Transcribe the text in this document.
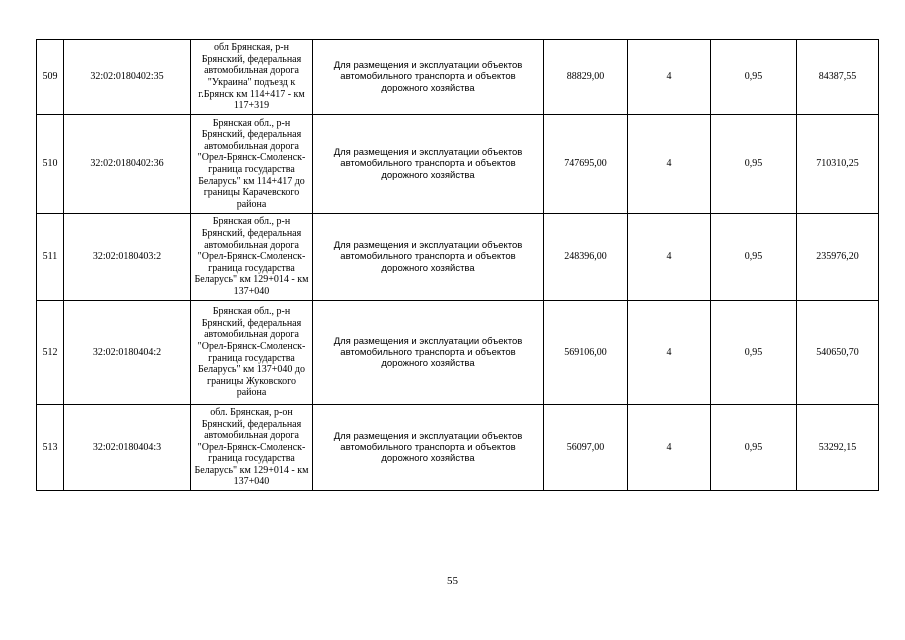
509	32:02:0180402:35	обл Брянская, р-н Брянский, федеральная автомобильная дорога "Украина" подъезд к г.Брянск км 114+417 - км 117+319	Для размещения и эксплуатации объектов автомобильного транспорта и объектов дорожного хозяйства	88829,00	4	0,95	84387,55
510	32:02:0180402:36	Брянская обл., р-н Брянский, федеральная автомобильная дорога "Орел-Брянск-Смоленск-граница государства Беларусь" км 114+417 до границы Карачевского района	Для размещения и эксплуатации объектов автомобильного транспорта и объектов дорожного хозяйства	747695,00	4	0,95	710310,25
511	32:02:0180403:2	Брянская обл., р-н Брянский, федеральная автомобильная дорога "Орел-Брянск-Смоленск-граница государства Беларусь" км 129+014 - км 137+040	Для размещения и эксплуатации объектов автомобильного транспорта и объектов дорожного хозяйства	248396,00	4	0,95	235976,20
512	32:02:0180404:2	Брянская обл., р-н Брянский, федеральная автомобильная дорога "Орел-Брянск-Смоленск-граница государства Беларусь" км 137+040 до границы Жуковского района	Для размещения и эксплуатации объектов автомобильного транспорта и объектов дорожного хозяйства	569106,00	4	0,95	540650,70
513	32:02:0180404:3	обл. Брянская, р-он Брянский, федеральная автомобильная дорога "Орел-Брянск-Смоленск-граница государства Беларусь" км 129+014 - км 137+040	Для размещения и эксплуатации объектов автомобильного транспорта и объектов дорожного хозяйства	56097,00	4	0,95	53292,15
55
